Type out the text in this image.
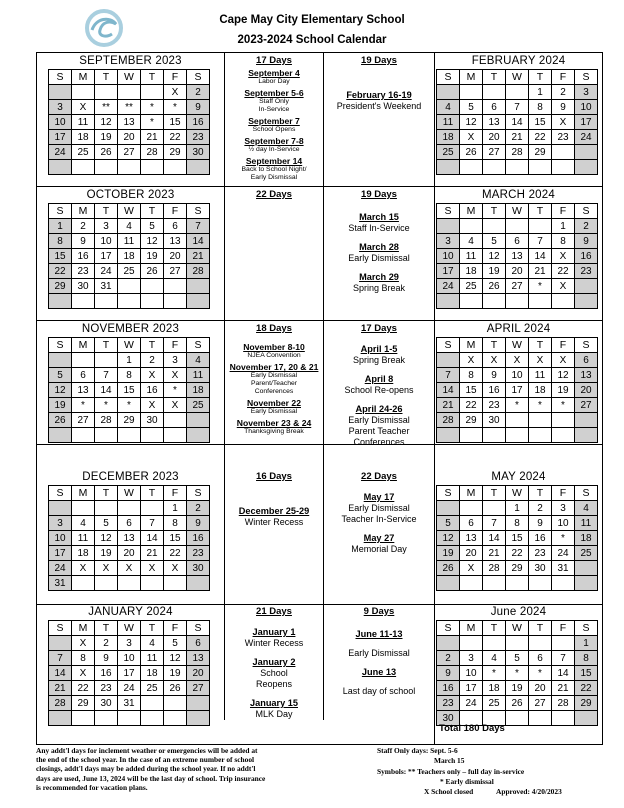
Cape May City Elementary School
2023-2024 School Calendar
SEPTEMBER 2023
S	M	T	W	T	F	S
					X	2
3	X	**	**	*	*	9
10	11	12	13	*	15	16
17	18	19	20	21	22	23
24	25	26	27	28	29	30

OCTOBER 2023
S	M	T	W	T	F	S
1	2	3	4	5	6	7
8	9	10	11	12	13	14
15	16	17	18	19	20	21
22	23	24	25	26	27	28
29	30	31				

NOVEMBER 2023
S	M	T	W	T	F	S
			1	2	3	4
5	6	7	8	X	X	11
12	13	14	15	16	*	18
19	*	*	*	X	X	25
26	27	28	29	30		

DECEMBER 2023
S	M	T	W	T	F	S
					1	2
3	4	5	6	7	8	9
10	11	12	13	14	15	16
17	18	19	20	21	22	23
24	X	X	X	X	X	30
31						
JANUARY 2024
S	M	T	W	T	F	S
	X	2	3	4	5	6
7	8	9	10	11	12	13
14	X	16	17	18	19	20
21	22	23	24	25	26	27
28	29	30	31			

FEBRUARY 2024
S	M	T	W	T	F	S
				1	2	3
4	5	6	7	8	9	10
11	12	13	14	15	X	17
18	X	20	21	22	23	24
25	26	27	28	29		

MARCH 2024
S	M	T	W	T	F	S
					1	2
3	4	5	6	7	8	9
10	11	12	13	14	X	16
17	18	19	20	21	22	23
24	25	26	27	*	X	

APRIL 2024
S	M	T	W	T	F	S
	X	X	X	X	X	6
7	8	9	10	11	12	13
14	15	16	17	18	19	20
21	22	23	*	*	*	27
28	29	30				

MAY 2024
S	M	T	W	T	F	S
			1	2	3	4
5	6	7	8	9	10	11
12	13	14	15	16	*	18
19	20	21	22	23	24	25
26	X	28	29	30	31	

June 2024
S	M	T	W	T	F	S
						1
2	3	4	5	6	7	8
9	10	*	*	*	14	15
16	17	18	19	20	21	22
23	24	25	26	27	28	29
30						
17 Days
September 4
Labor Day
September 5-6
Staff Only
In-Service
September 7
School Opens
September 7-8
½ day In-Service
September 14
Back to School Night/
Early Dismissal
19 Days
February 16-19
President's Weekend
22 Days	19 Days
March 15
Staff In-Service
March 28
Early Dismissal
March 29
Spring Break
18 Days
November 8-10
NJEA Convention
November 17, 20 & 21
Early Dismissal
Parent/Teacher
Conferences
November 22
Early Dismissal
November 23 & 24
Thanksgiving Break
17 Days
April 1-5
Spring Break
April 8
School Re-opens
April 24-26
Early Dismissal
Parent Teacher
Conferences
16 Days
December 25-29
Winter Recess
22 Days
May 17
Early Dismissal
Teacher In-Service
May 27
Memorial Day
21 Days
January 1
Winter Recess
January 2
School
Reopens
January 15
MLK Day
9 Days
June 11-13
Early Dismissal
June 13
Last day of school
Total 180 Days
Any addt'l days for inclement weather or emergencies will be added at
the end of the school year. In the case of an extreme number of school
closings, addt'l days may be added during the school year. If no addt'l
days are used, June 13, 2024 will be the last day of school. Trip insurance
is recommended for vacation plans.
Staff Only days: Sept. 5-6
March 15
Symbols: ** Teachers only – full day in-service
* Early dismissal
X School closed	Approved: 4/20/2023
